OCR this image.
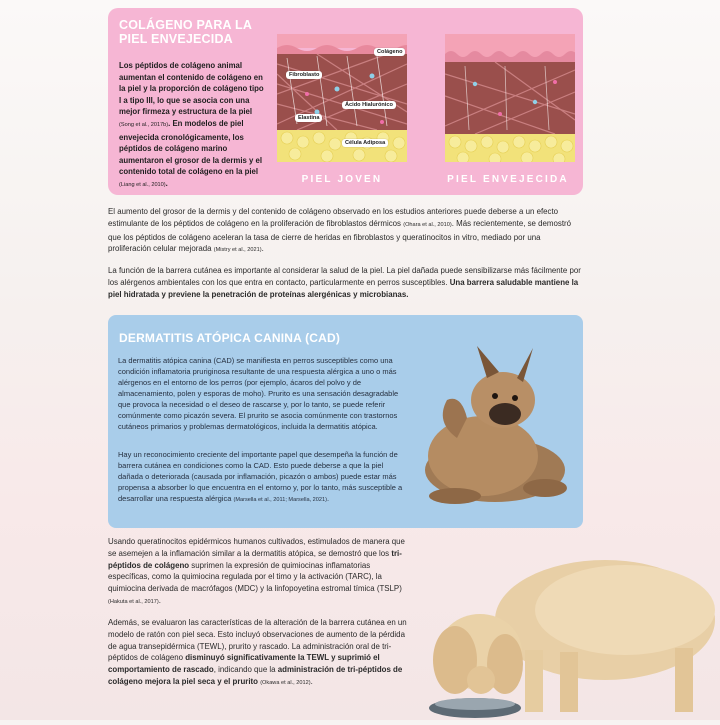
COLÁGENO PARA LA PIEL ENVEJECIDA
Los péptidos de colágeno animal aumentan el contenido de colágeno en la piel y la proporción de colágeno tipo I a tipo III, lo que se asocia con una mejor firmeza y estructura de la piel (Song et al., 2017b). En modelos de piel envejecida cronológicamente, los péptidos de colágeno marino aumentaron el grosor de la dermis y el contenido total de colágeno en la piel (Liang et al., 2010).
Colágeno
Fibroblasto
Ácido Hialurónico
Elastina
Célula Adiposa
PIEL JOVEN	PIEL ENVEJECIDA
El aumento del grosor de la dermis y del contenido de colágeno observado en los estudios anteriores puede deberse a un efecto estimulante de los péptidos de colágeno en la proliferación de fibroblastos dérmicos (Ohara et al., 2010). Más recientemente, se demostró que los péptidos de colágeno aceleran la tasa de cierre de heridas en fibroblastos y queratinocitos in vitro, mediado por una proliferación celular mejorada (Mistry et al., 2021).
La función de la barrera cutánea es importante al considerar la salud de la piel. La piel dañada puede sensibilizarse más fácilmente por los alérgenos ambientales con los que entra en contacto, particularmente en perros susceptibles. Una barrera saludable mantiene la piel hidratada y previene la penetración de proteínas alergénicas y microbianas.
DERMATITIS ATÓPICA CANINA (CAD)
La dermatitis atópica canina (CAD) se manifiesta en perros susceptibles como una condición inflamatoria pruriginosa resultante de una respuesta alérgica a uno o más alérgenos en el entorno de los perros (por ejemplo, ácaros del polvo y de almacenamiento, polen y esporas de moho). Prurito es una sensación desagradable que provoca la necesidad o el deseo de rascarse y, por lo tanto, se puede referir comúnmente como picazón severa. El prurito se asocia comúnmente con trastornos cutáneos primarios y problemas dermatológicos, incluida la dermatitis atópica.
Hay un reconocimiento creciente del importante papel que desempeña la función de barrera cutánea en condiciones como la CAD. Esto puede deberse a que la piel dañada o deteriorada (causada por inflamación, picazón o ambos) puede estar más propensa a absorber lo que encuentra en el entorno y, por lo tanto, más susceptible a desarrollar una respuesta alérgica (Marsella et al., 2011; Marsella, 2021).
Usando queratinocitos epidérmicos humanos cultivados, estimulados de manera que se asemejen a la inflamación similar a la dermatitis atópica, se demostró que los tri-péptidos de colágeno suprimen la expresión de quimiocinas inflamatorias específicas, como la quimiocina regulada por el timo y la activación (TARC), la quimiocina derivada de macrófagos (MDC) y la linfopoyetina estromal tímica (TSLP) (Hakuta et al., 2017).
Además, se evaluaron las características de la alteración de la barrera cutánea en un modelo de ratón con piel seca. Esto incluyó observaciones de aumento de la pérdida de agua transepidérmica (TEWL), prurito y rascado. La administración oral de tri-péptidos de colágeno disminuyó significativamente la TEWL y suprimió el comportamiento de rascado, indicando que la administración de tri-péptidos de colágeno mejora la piel seca y el prurito (Okawa et al., 2012).
